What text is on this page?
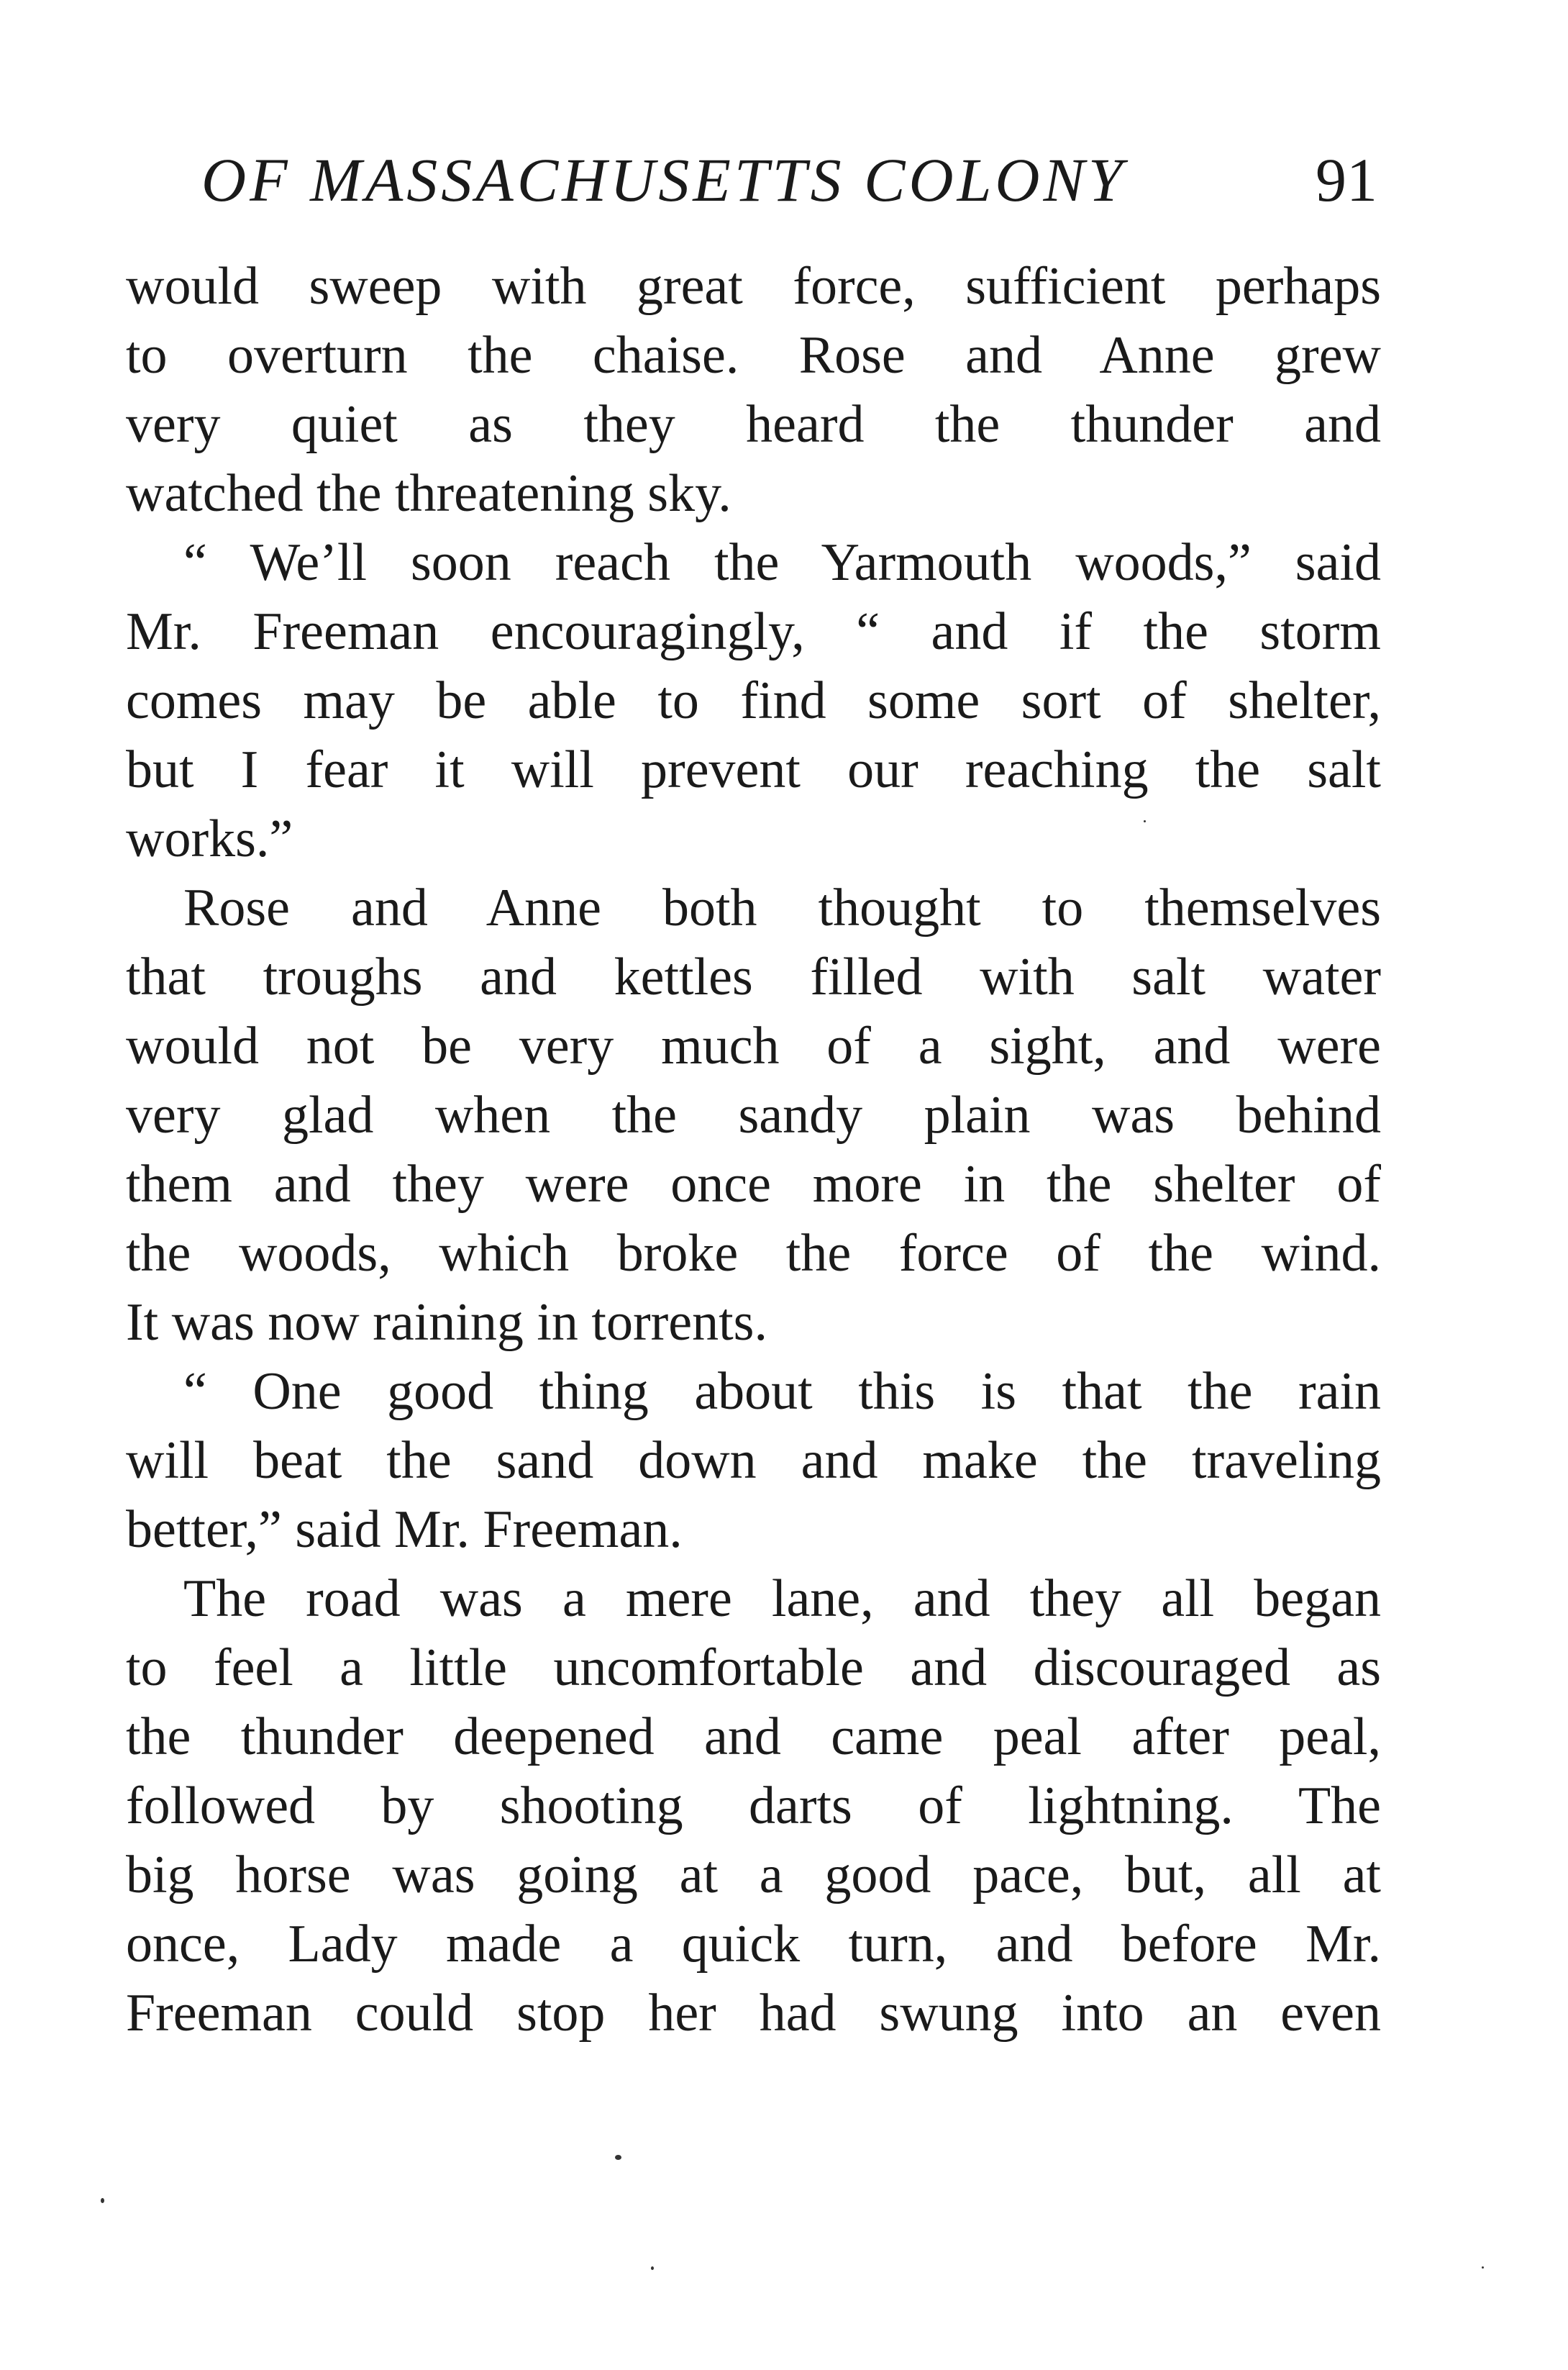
OF MASSACHUSETTS COLONY	91
would sweep with great force, sufficient perhaps
to overturn the chaise. Rose and Anne grew
very quiet as they heard the thunder and
watched the threatening sky.
“ We’ll soon reach the Yarmouth woods,” said
Mr. Freeman encouragingly, “ and if the storm
comes may be able to find some sort of shelter,
but I fear it will prevent our reaching the salt
works.”
Rose and Anne both thought to themselves
that troughs and kettles filled with salt water
would not be very much of a sight, and were
very glad when the sandy plain was behind
them and they were once more in the shelter of
the woods, which broke the force of the wind.
It was now raining in torrents.
“ One good thing about this is that the rain
will beat the sand down and make the traveling
better,” said Mr. Freeman.
The road was a mere lane, and they all began
to feel a little uncomfortable and discouraged as
the thunder deepened and came peal after peal,
followed by shooting darts of lightning. The
big horse was going at a good pace, but, all at
once, Lady made a quick turn, and before Mr.
Freeman could stop her had swung into an even
